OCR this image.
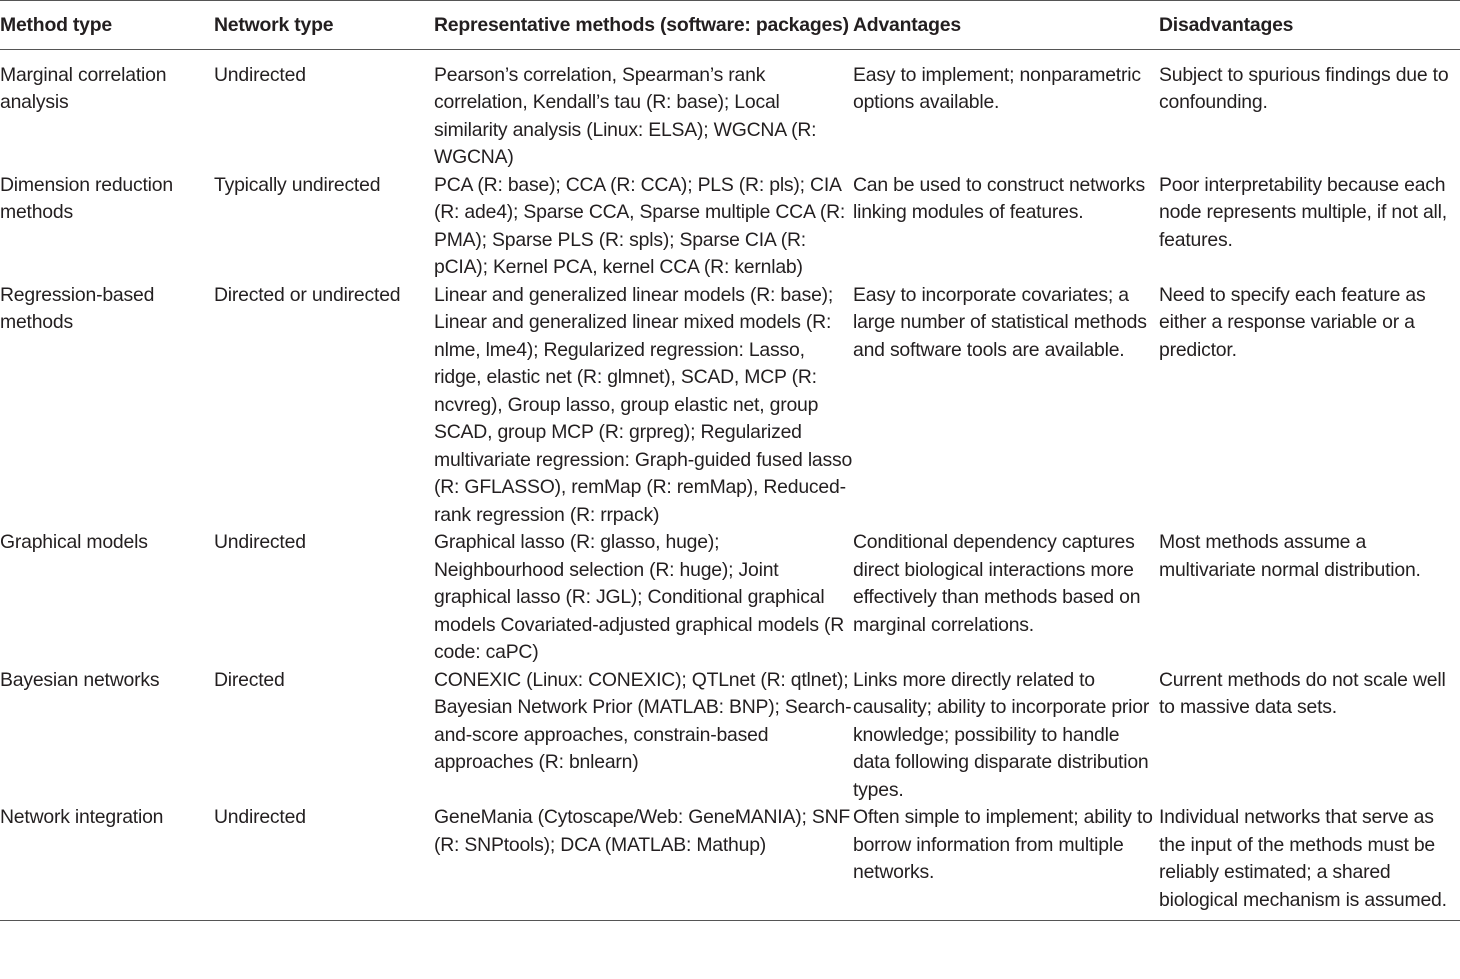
Method type	Network type	Representative methods (software: packages)	Advantages	Disadvantages
Marginal correlation analysis	Undirected	Pearson’s correlation, Spearman’s rank correlation, Kendall’s tau (R: base); Local similarity analysis (Linux: ELSA); WGCNA (R: WGCNA)	Easy to implement; nonparametric options available.	Subject to spurious findings due to confounding.
Dimension reduction methods	Typically undirected	PCA (R: base); CCA (R: CCA); PLS (R: pls); CIA (R: ade4); Sparse CCA, Sparse multiple CCA (R: PMA); Sparse PLS (R: spls); Sparse CIA (R: pCIA); Kernel PCA, kernel CCA (R: kernlab)	Can be used to construct networks linking modules of features.	Poor interpretability because each node represents multiple, if not all, features.
Regression-based methods	Directed or undirected	Linear and generalized linear models (R: base); Linear and generalized linear mixed models (R: nlme, lme4); Regularized regression: Lasso, ridge, elastic net (R: glmnet), SCAD, MCP (R: ncvreg), Group lasso, group elastic net, group SCAD, group MCP (R: grpreg); Regularized multivariate regression: Graph-guided fused lasso (R: GFLASSO), remMap (R: remMap), Reduced-rank regression (R: rrpack)	Easy to incorporate covariates; a large number of statistical methods and software tools are available.	Need to specify each feature as either a response variable or a predictor.
Graphical models	Undirected	Graphical lasso (R: glasso, huge); Neighbourhood selection (R: huge); Joint graphical lasso (R: JGL); Conditional graphical models Covariated-adjusted graphical models (R code: caPC)	Conditional dependency captures direct biological interactions more effectively than methods based on marginal correlations.	Most methods assume a multivariate normal distribution.
Bayesian networks	Directed	CONEXIC (Linux: CONEXIC); QTLnet (R: qtlnet); Bayesian Network Prior (MATLAB: BNP); Search-and-score approaches, constrain-based approaches (R: bnlearn)	Links more directly related to causality; ability to incorporate prior knowledge; possibility to handle data following disparate distribution types.	Current methods do not scale well to massive data sets.
Network integration	Undirected	GeneMania (Cytoscape/Web: GeneMANIA); SNF (R: SNPtools); DCA (MATLAB: Mathup)	Often simple to implement; ability to borrow information from multiple networks.	Individual networks that serve as the input of the methods must be reliably estimated; a shared biological mechanism is assumed.
